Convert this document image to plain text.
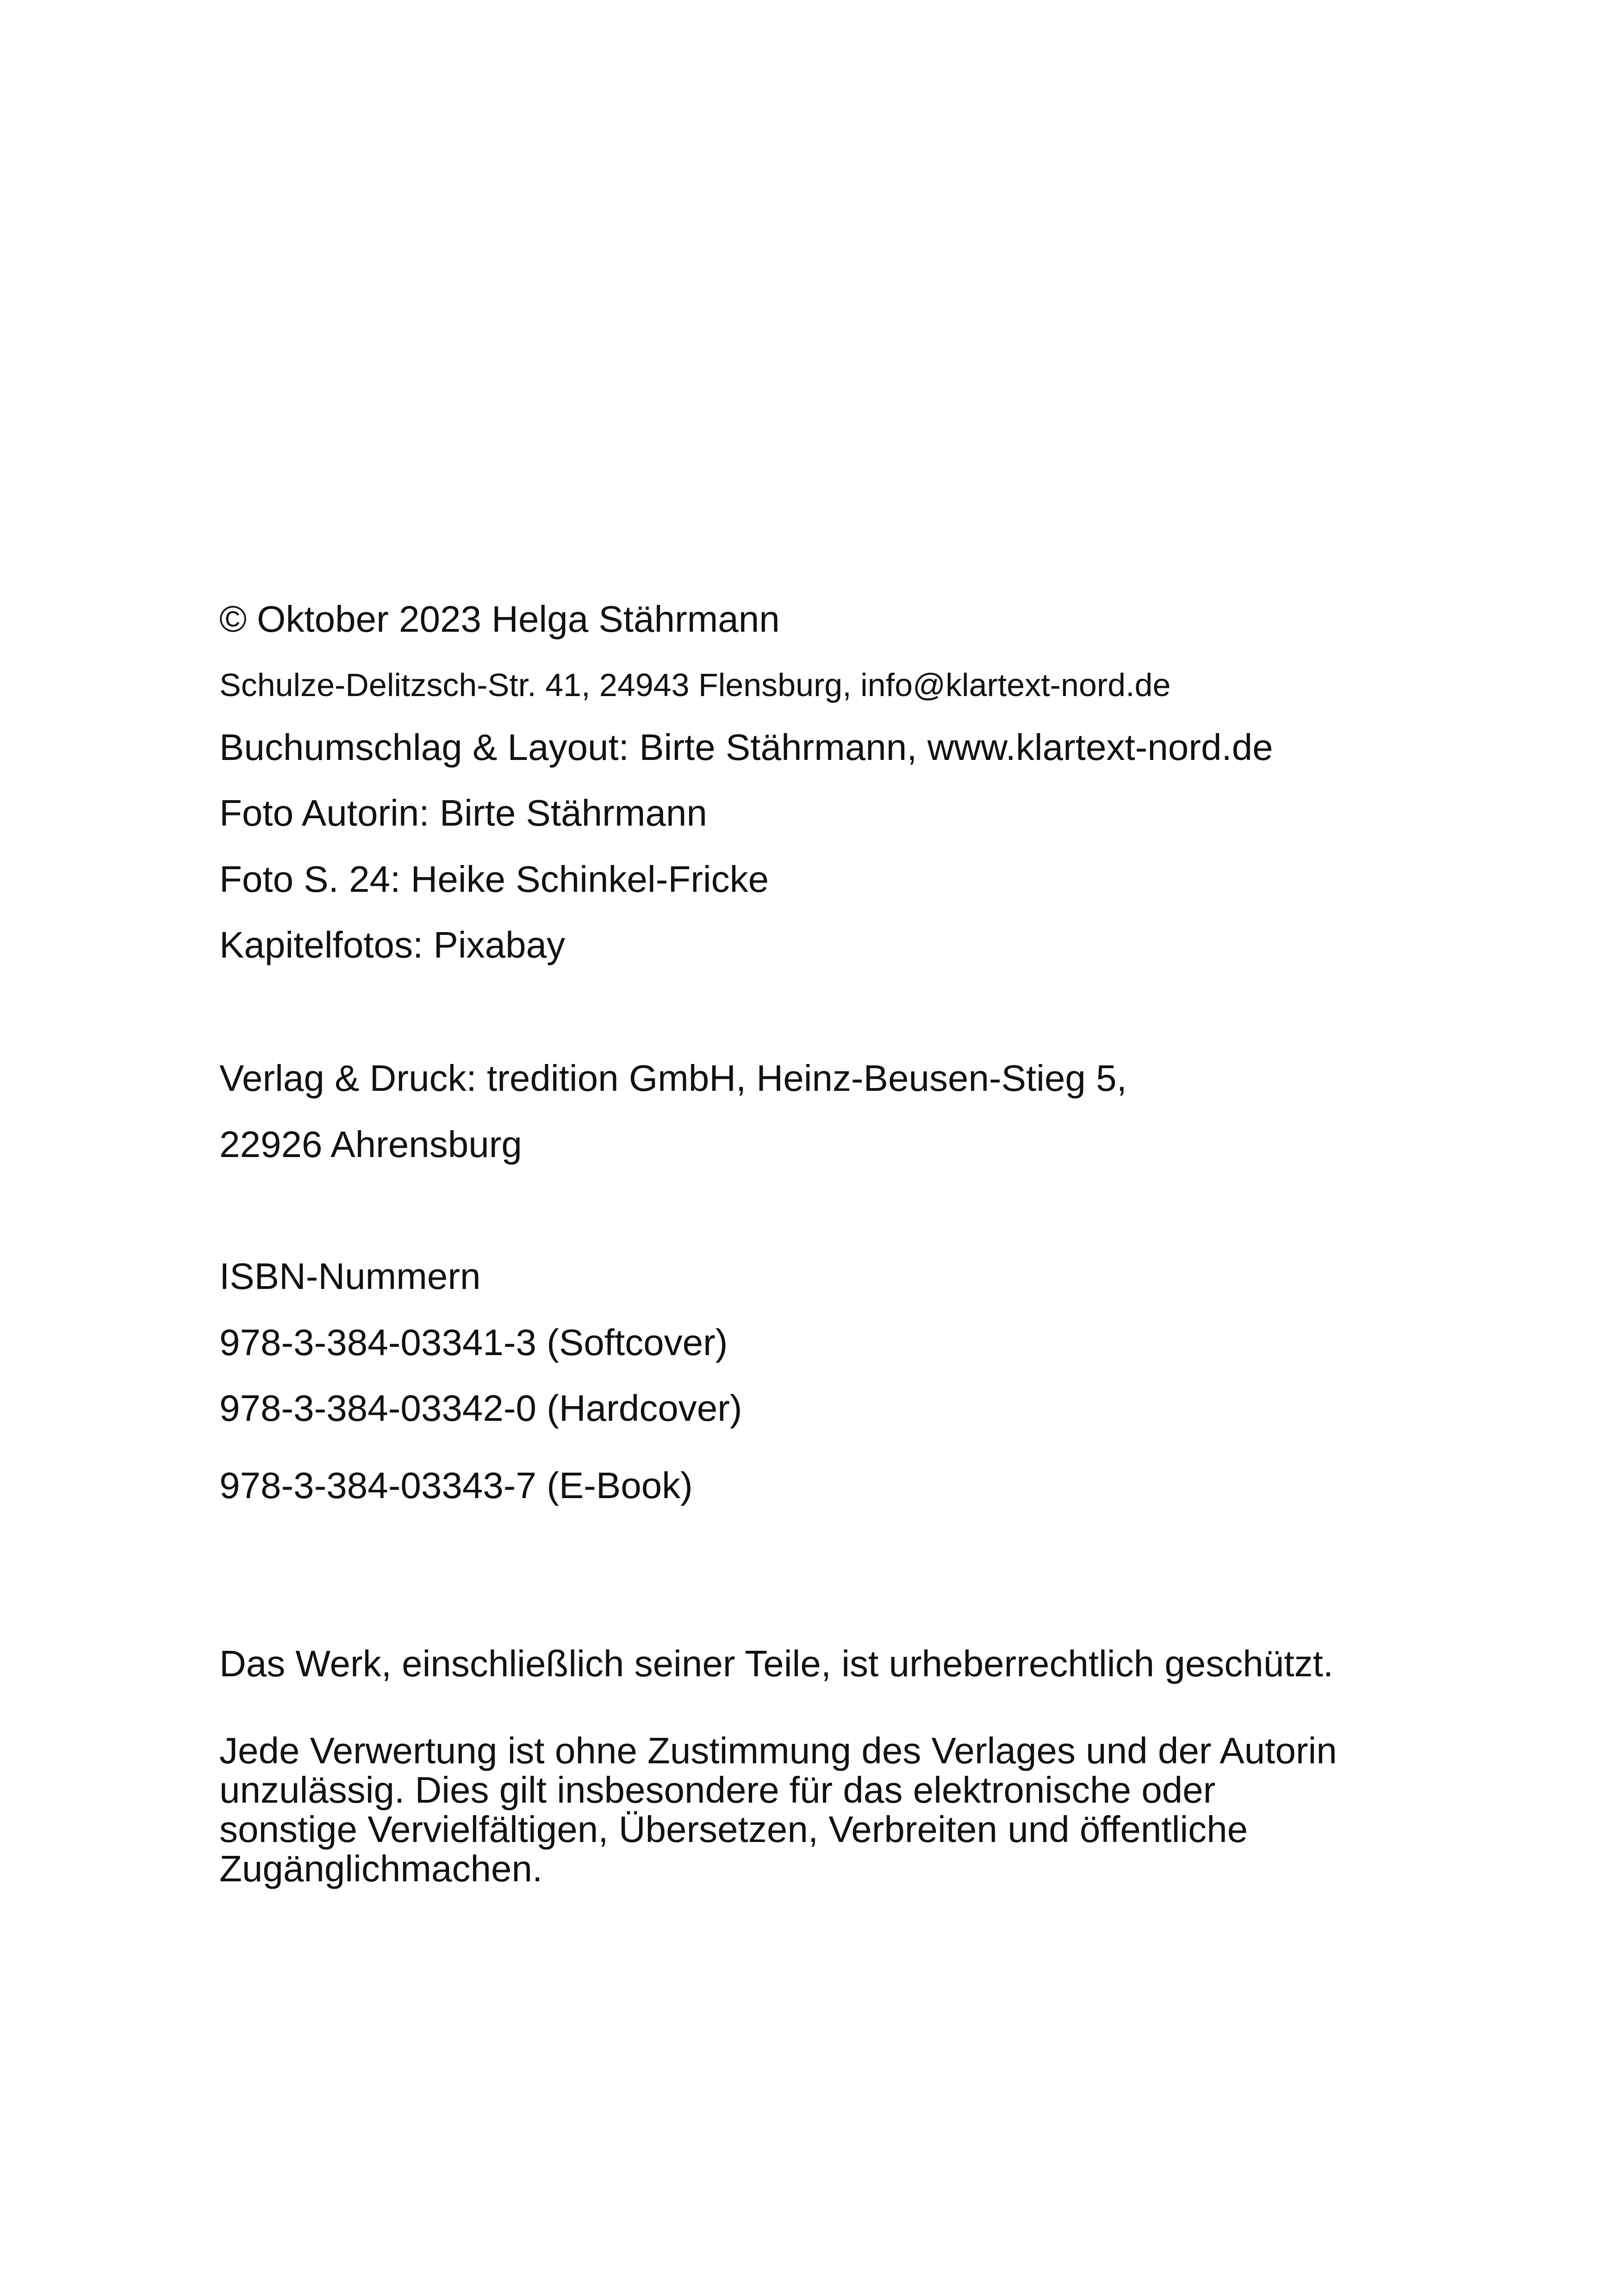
© Oktober 2023 Helga Stährmann

Schulze-Delitzsch-Str. 41, 24943 Flensburg, info@klartext-nord.de

Buchumschlag & Layout: Birte Stährmann, www.klartext-nord.de

Foto Autorin: Birte Stährmann

Foto S. 24: Heike Schinkel-Fricke

Kapitelfotos: Pixabay

Verlag & Druck: tredition GmbH, Heinz-Beusen-Stieg 5,

22926 Ahrensburg

ISBN-Nummern

978-3-384-03341-3 (Softcover)

978-3-384-03342-0 (Hardcover)

978-3-384-03343-7 (E-Book)

Das Werk, einschließlich seiner Teile, ist urheberrechtlich geschützt.

Jede Verwertung ist ohne Zustimmung des Verlages und der Autorin
unzulässig. Dies gilt insbesondere für das elektronische oder
sonstige Vervielfältigen, Übersetzen, Verbreiten und öffentliche
Zugänglichmachen.
